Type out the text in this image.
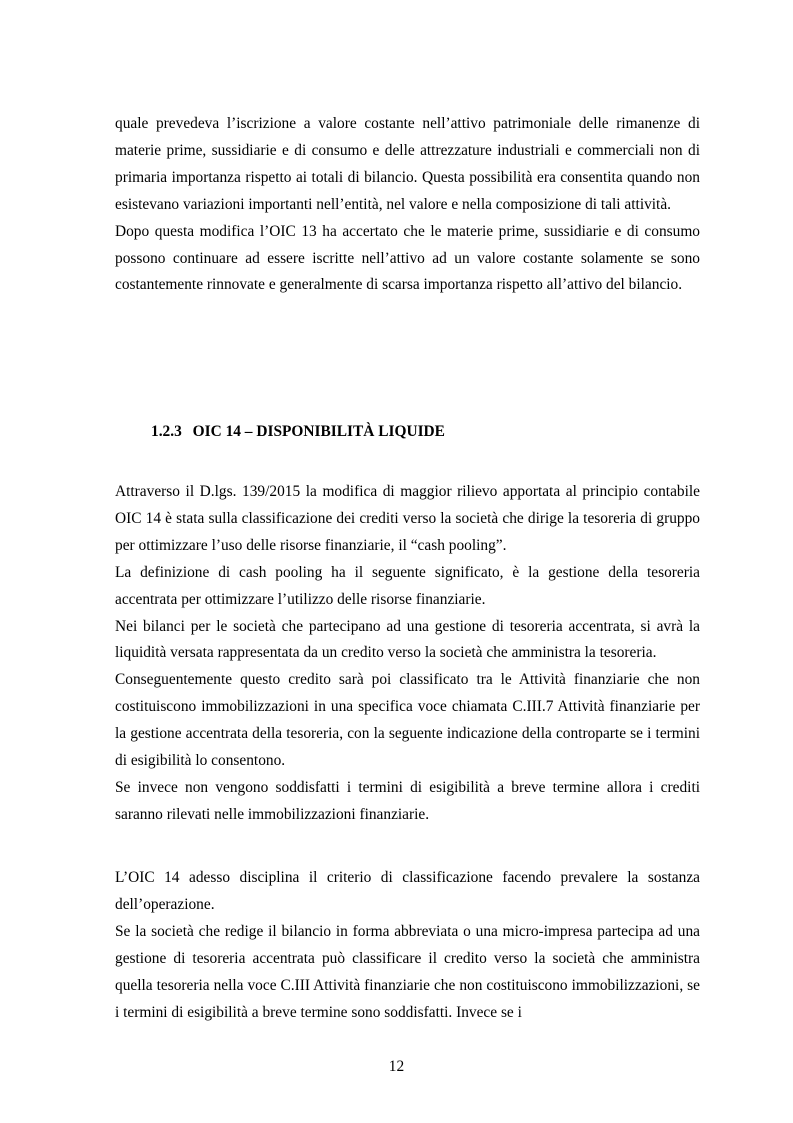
quale prevedeva l’iscrizione a valore costante nell’attivo patrimoniale delle rimanenze di materie prime, sussidiarie e di consumo e delle attrezzature industriali e commerciali non di primaria importanza rispetto ai totali di bilancio. Questa possibilità era consentita quando non esistevano variazioni importanti nell’entità, nel valore e nella composizione di tali attività.

Dopo questa modifica l’OIC 13 ha accertato che le materie prime, sussidiarie e di consumo possono continuare ad essere iscritte nell’attivo ad un valore costante solamente se sono costantemente rinnovate e generalmente di scarsa importanza rispetto all’attivo del bilancio.

1.2.3 OIC 14 – DISPONIBILITÀ LIQUIDE

Attraverso il D.lgs. 139/2015 la modifica di maggior rilievo apportata al principio contabile OIC 14 è stata sulla classificazione dei crediti verso la società che dirige la tesoreria di gruppo per ottimizzare l’uso delle risorse finanziarie, il “cash pooling”.

La definizione di cash pooling ha il seguente significato, è la gestione della tesoreria accentrata per ottimizzare l’utilizzo delle risorse finanziarie.

Nei bilanci per le società che partecipano ad una gestione di tesoreria accentrata, si avrà la liquidità versata rappresentata da un credito verso la società che amministra la tesoreria.

Conseguentemente questo credito sarà poi classificato tra le Attività finanziarie che non costituiscono immobilizzazioni in una specifica voce chiamata C.III.7 Attività finanziarie per la gestione accentrata della tesoreria, con la seguente indicazione della controparte se i termini di esigibilità lo consentono.

Se invece non vengono soddisfatti i termini di esigibilità a breve termine allora i crediti saranno rilevati nelle immobilizzazioni finanziarie.

L’OIC 14 adesso disciplina il criterio di classificazione facendo prevalere la sostanza dell’operazione.

Se la società che redige il bilancio in forma abbreviata o una micro-impresa partecipa ad una gestione di tesoreria accentrata può classificare il credito verso la società che amministra quella tesoreria nella voce C.III Attività finanziarie che non costituiscono immobilizzazioni, se i termini di esigibilità a breve termine sono soddisfatti. Invece se i

12
